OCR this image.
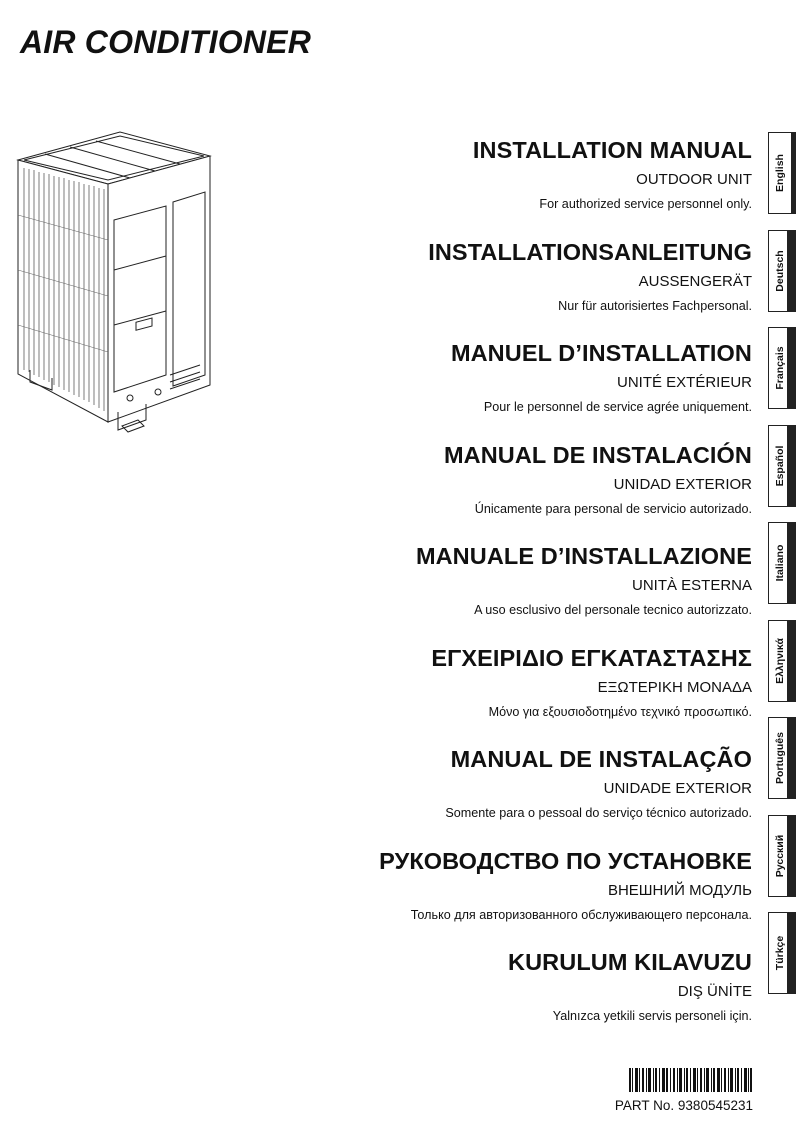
AIR CONDITIONER
INSTALLATION MANUAL
OUTDOOR UNIT
For authorized service personnel only.
INSTALLATIONSANLEITUNG
AUSSENGERÄT
Nur für autorisiertes Fachpersonal.
MANUEL D’INSTALLATION
UNITÉ EXTÉRIEUR
Pour le personnel de service agrée uniquement.
MANUAL DE INSTALACIÓN
UNIDAD EXTERIOR
Únicamente para personal de servicio autorizado.
MANUALE D’INSTALLAZIONE
UNITÀ ESTERNA
A uso esclusivo del personale tecnico autorizzato.
ΕΓΧΕΙΡΙΔΙΟ ΕΓΚΑΤΑΣΤΑΣΗΣ
ΕΞΩΤΕΡΙΚΗ ΜΟΝΑΔΑ
Μόνο για εξουσιοδοτημένο τεχνικό προσωπικό.
MANUAL DE INSTALAÇÃO
UNIDADE EXTERIOR
Somente para o pessoal do serviço técnico autorizado.
РУКОВОДСТВО ПО УСТАНОВКЕ
ВНЕШНИЙ МОДУЛЬ
Только для авторизованного обслуживающего персонала.
KURULUM KILAVUZU
DIŞ ÜNİTE
Yalnızca yetkili servis personeli için.
English
Deutsch
Français
Español
Italiano
Ελληνικά
Português
Русский
Türkçe
PART No. 9380545231
